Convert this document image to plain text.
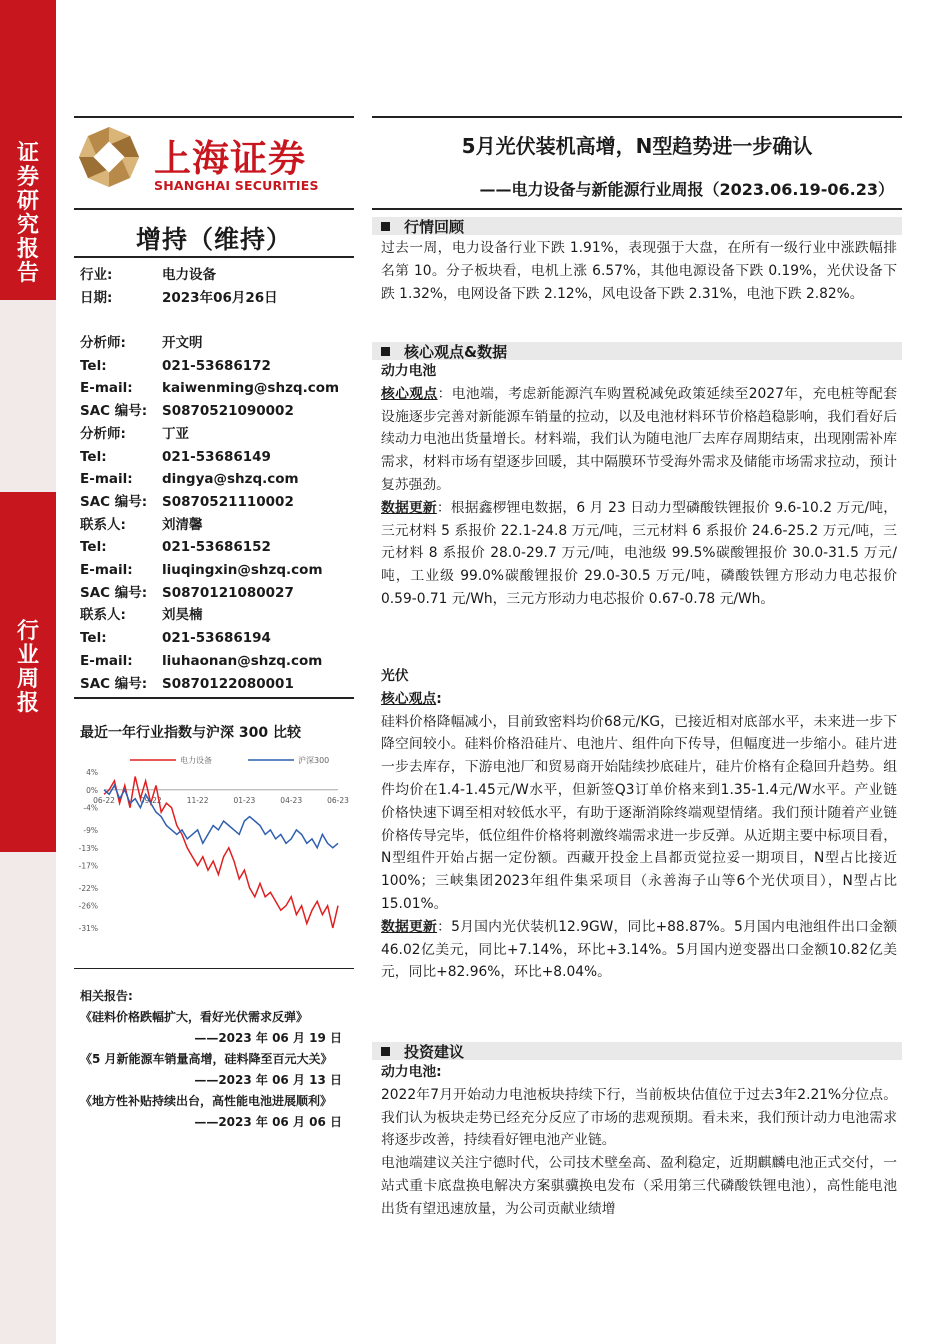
证
券
研
究
报
告
行
业
周
报
上海证券
SHANGHAI SECURITIES
5月光伏装机高增，N型趋势进一步确认
——电力设备与新能源行业周报（2023.06.19-06.23）
增持（维持）
行业:	电力设备
日期:	2023年06月26日
分析师:	开文明
Tel:	021-53686172
E-mail:	kaiwenming@shzq.com
SAC 编号:	S0870521090002
分析师:	丁亚
Tel:	021-53686149
E-mail:	dingya@shzq.com
SAC 编号:	S0870521110002
联系人:	刘清馨
Tel:	021-53686152
E-mail:	liuqingxin@shzq.com
SAC 编号:	S0870121080027
联系人:	刘昊楠
Tel:	021-53686194
E-mail:	liuhaonan@shzq.com
SAC 编号:	S0870122080001
最近一年行业指数与沪深 300 比较
电力设备	沪深300
4%
0%
-4%
-9%
-13%
-17%
-22%
-26%
-31%
06-22	09-22	11-22	01-23	04-23	06-23
相关报告:
《硅料价格跌幅扩大，看好光伏需求反弹》
——2023 年 06 月 19 日
《5 月新能源车销量高增，硅料降至百元大关》
——2023 年 06 月 13 日
《地方性补贴持续出台，高性能电池进展顺利》
——2023 年 06 月 06 日
行情回顾
过去一周，电力设备行业下跌 1.91%，表现强于大盘，在所有一级行业中涨跌幅排名第 10。分子板块看，电机上涨 6.57%，其他电源设备下跌 0.19%，光伏设备下跌 1.32%，电网设备下跌 2.12%，风电设备下跌 2.31%，电池下跌 2.82%。
核心观点&数据
动力电池
核心观点：电池端，考虑新能源汽车购置税减免政策延续至2027年，充电桩等配套设施逐步完善对新能源车销量的拉动，以及电池材料环节价格趋稳影响，我们看好后续动力电池出货量增长。材料端，我们认为随电池厂去库存周期结束，出现刚需补库需求，材料市场有望逐步回暖，其中隔膜环节受海外需求及储能市场需求拉动，预计复苏强劲。
数据更新：根据鑫椤锂电数据，6 月 23 日动力型磷酸铁锂报价 9.6-10.2 万元/吨，三元材料 5 系报价 22.1-24.8 万元/吨，三元材料 6 系报价 24.6-25.2 万元/吨，三元材料 8 系报价 28.0-29.7 万元/吨，电池级 99.5%碳酸锂报价 30.0-31.5 万元/吨，工业级 99.0%碳酸锂报价 29.0-30.5 万元/吨，磷酸铁锂方形动力电芯报价 0.59-0.71 元/Wh，三元方形动力电芯报价 0.67-0.78 元/Wh。
光伏
核心观点:
硅料价格降幅减小，目前致密料均价68元/KG，已接近相对底部水平，未来进一步下降空间较小。硅料价格沿硅片、电池片、组件向下传导，但幅度进一步缩小。硅片进一步去库存，下游电池厂和贸易商开始陆续抄底硅片，硅片价格有企稳回升趋势。组件均价在1.4-1.45元/W水平，但新签Q3订单价格来到1.35-1.4元/W水平。产业链价格快速下调至相对较低水平，有助于逐渐消除终端观望情绪。我们预计随着产业链价格传导完毕，低位组件价格将刺激终端需求进一步反弹。从近期主要中标项目看，N型组件开始占据一定份额。西藏开投金上昌都贡觉拉妥一期项目，N型占比接近100%；三峡集团2023年组件集采项目（永善海子山等6个光伏项目），N型占比15.01%。
数据更新：5月国内光伏装机12.9GW，同比+88.87%。5月国内电池组件出口金额46.02亿美元，同比+7.14%，环比+3.14%。5月国内逆变器出口金额10.82亿美元，同比+82.96%，环比+8.04%。
投资建议
动力电池:
2022年7月开始动力电池板块持续下行，当前板块估值位于过去3年2.21%分位点。我们认为板块走势已经充分反应了市场的悲观预期。看未来，我们预计动力电池需求将逐步改善，持续看好锂电池产业链。
电池端建议关注宁德时代，公司技术壁垒高、盈利稳定，近期麒麟电池正式交付，一站式重卡底盘换电解决方案骐骥换电发布（采用第三代磷酸铁锂电池），高性能电池出货有望迅速放量，为公司贡献业绩增
